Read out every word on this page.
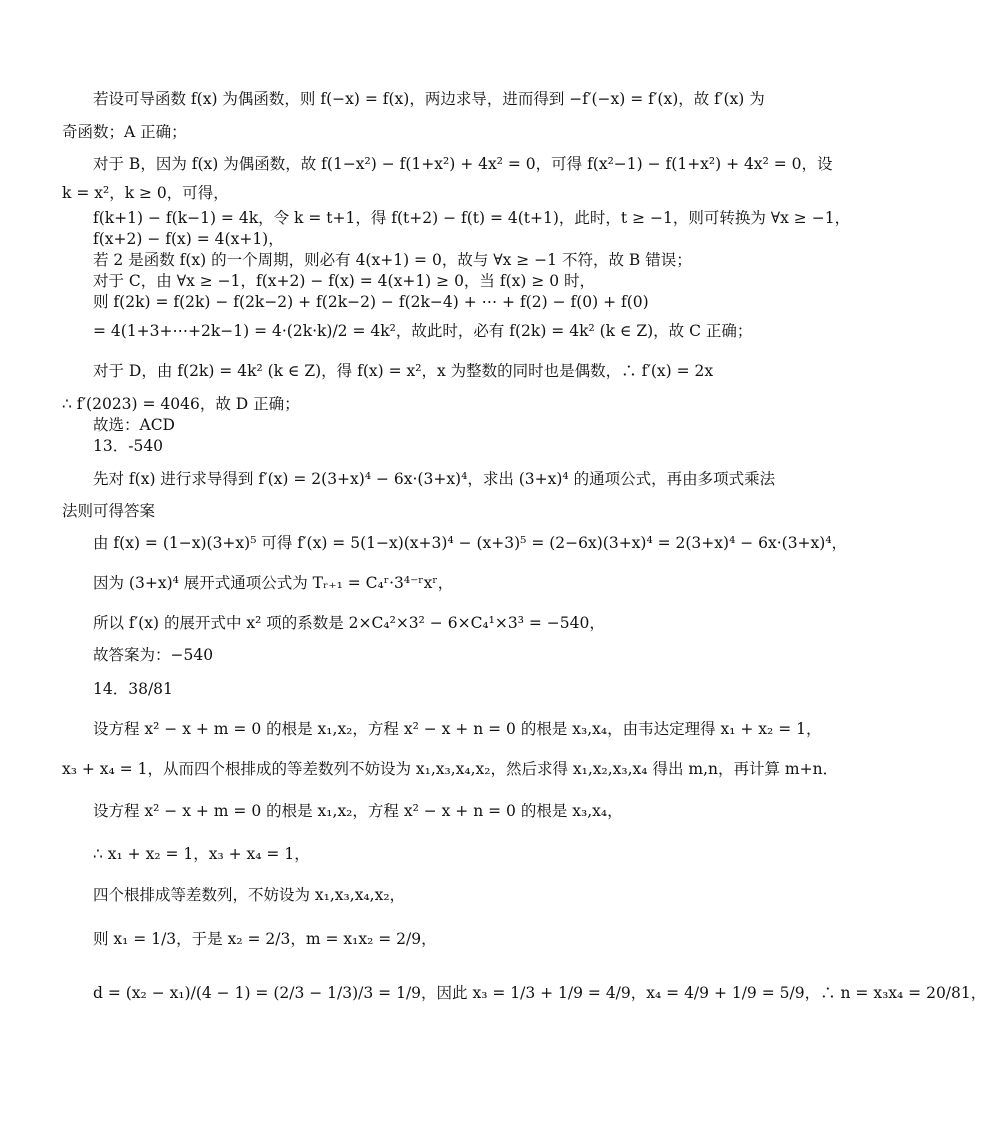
若设可导函数 f(x) 为偶函数，则 f(−x) = f(x)，两边求导，进而得到 −f′(−x) = f′(x)，故 f′(x) 为
奇函数；A 正确；
对于 B，因为 f(x) 为偶函数，故 f(1−x²) − f(1+x²) + 4x² = 0，可得 f(x²−1) − f(1+x²) + 4x² = 0，设
k = x²，k ≥ 0，可得，
f(k+1) − f(k−1) = 4k，令 k = t+1，得 f(t+2) − f(t) = 4(t+1)，此时，t ≥ −1，则可转换为 ∀x ≥ −1，
f(x+2) − f(x) = 4(x+1)，
若 2 是函数 f(x) 的一个周期，则必有 4(x+1) = 0，故与 ∀x ≥ −1 不符，故 B 错误；
对于 C，由 ∀x ≥ −1，f(x+2) − f(x) = 4(x+1) ≥ 0，当 f(x) ≥ 0 时，
则 f(2k) = f(2k) − f(2k−2) + f(2k−2) − f(2k−4) + ⋯ + f(2) − f(0) + f(0)
= 4(1+3+⋯+2k−1) = 4·(2k·k)/2 = 4k²，故此时，必有 f(2k) = 4k² (k ∈ Z)，故 C 正确；
对于 D，由 f(2k) = 4k² (k ∈ Z)，得 f(x) = x²，x 为整数的同时也是偶数，∴ f′(x) = 2x
∴ f′(2023) = 4046，故 D 正确；
故选：ACD
13．-540
先对 f(x) 进行求导得到 f′(x) = 2(3+x)⁴ − 6x·(3+x)⁴，求出 (3+x)⁴ 的通项公式，再由多项式乘法
法则可得答案
由 f(x) = (1−x)(3+x)⁵ 可得 f′(x) = 5(1−x)(x+3)⁴ − (x+3)⁵ = (2−6x)(3+x)⁴ = 2(3+x)⁴ − 6x·(3+x)⁴，
因为 (3+x)⁴ 展开式通项公式为 Tᵣ₊₁ = C₄ʳ·3⁴⁻ʳxʳ，
所以 f′(x) 的展开式中 x² 项的系数是 2×C₄²×3² − 6×C₄¹×3³ = −540，
故答案为：−540
14．38/81
设方程 x² − x + m = 0 的根是 x₁,x₂，方程 x² − x + n = 0 的根是 x₃,x₄，由韦达定理得 x₁ + x₂ = 1，
x₃ + x₄ = 1，从而四个根排成的等差数列不妨设为 x₁,x₃,x₄,x₂，然后求得 x₁,x₂,x₃,x₄ 得出 m,n，再计算 m+n．
设方程 x² − x + m = 0 的根是 x₁,x₂，方程 x² − x + n = 0 的根是 x₃,x₄，
∴ x₁ + x₂ = 1，x₃ + x₄ = 1，
四个根排成等差数列，不妨设为 x₁,x₃,x₄,x₂，
则 x₁ = 1/3，于是 x₂ = 2/3，m = x₁x₂ = 2/9，
d = (x₂ − x₁)/(4 − 1) = (2/3 − 1/3)/3 = 1/9，因此 x₃ = 1/3 + 1/9 = 4/9，x₄ = 4/9 + 1/9 = 5/9，∴ n = x₃x₄ = 20/81，
